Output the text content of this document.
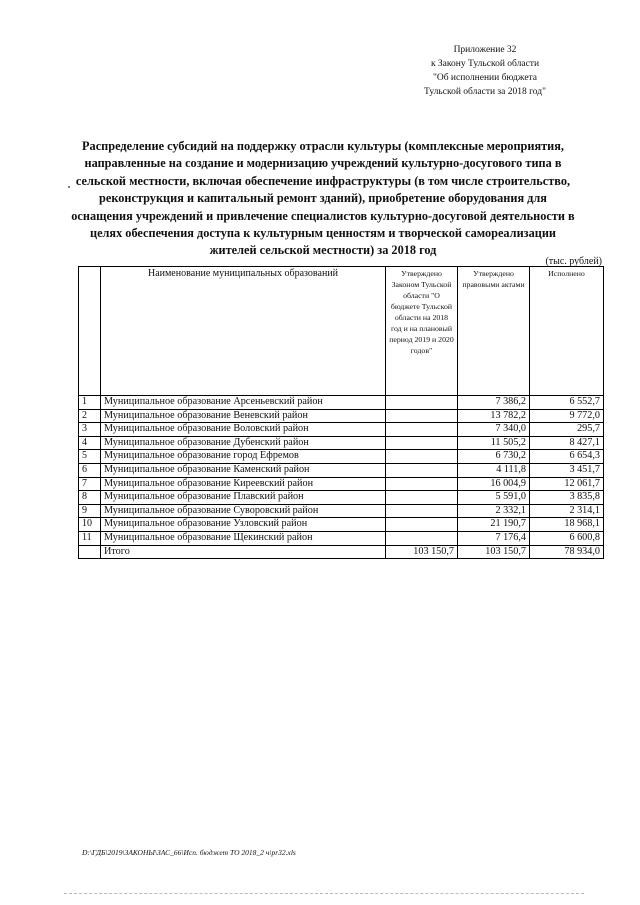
Приложение 32
к Закону Тульской области
"Об исполнении бюджета
Тульской области за 2018 год"
Распределение субсидий на поддержку отрасли культуры (комплексные мероприятия,
направленные на создание и модернизацию учреждений культурно-досугового типа в
сельской местности, включая обеспечение инфраструктуры (в том числе строительство,
реконструкция и капитальный ремонт зданий), приобретение оборудования для
оснащения учреждений и привлечение специалистов культурно-досуговой деятельности в
целях обеспечения доступа к культурным ценностям и творческой самореализации
жителей сельской местности) за 2018 год
(тыс. рублей)
	Наименование муниципальных образований	Утверждено Законом Тульской области "О бюджете Тульской области на 2018 год и на плановый период 2019 и 2020 годов"	Утверждено правовыми актами	Исполнено
1	Муниципальное образование Арсеньевский район		7 386,2	6 552,7
2	Муниципальное образование Веневский район		13 782,2	9 772,0
3	Муниципальное образование Воловский район		7 340,0	295,7
4	Муниципальное образование Дубенский район		11 505,2	8 427,1
5	Муниципальное образование город Ефремов		6 730,2	6 654,3
6	Муниципальное образование Каменский район		4 111,8	3 451,7
7	Муниципальное образование Киреевский район		16 004,9	12 061,7
8	Муниципальное образование Плавский район		5 591,0	3 835,8
9	Муниципальное образование Суворовский район		2 332,1	2 314,1
10	Муниципальное образование Узловский район		21 190,7	18 968,1
11	Муниципальное образование Щекинский район		7 176,4	6 600,8
	Итого	103 150,7	103 150,7	78 934,0
D:\ГДБ\2019\ЗАКОНЫ\ЗАС_66\Исп. бюджет ТО 2018_2 ч\pr32.xls
